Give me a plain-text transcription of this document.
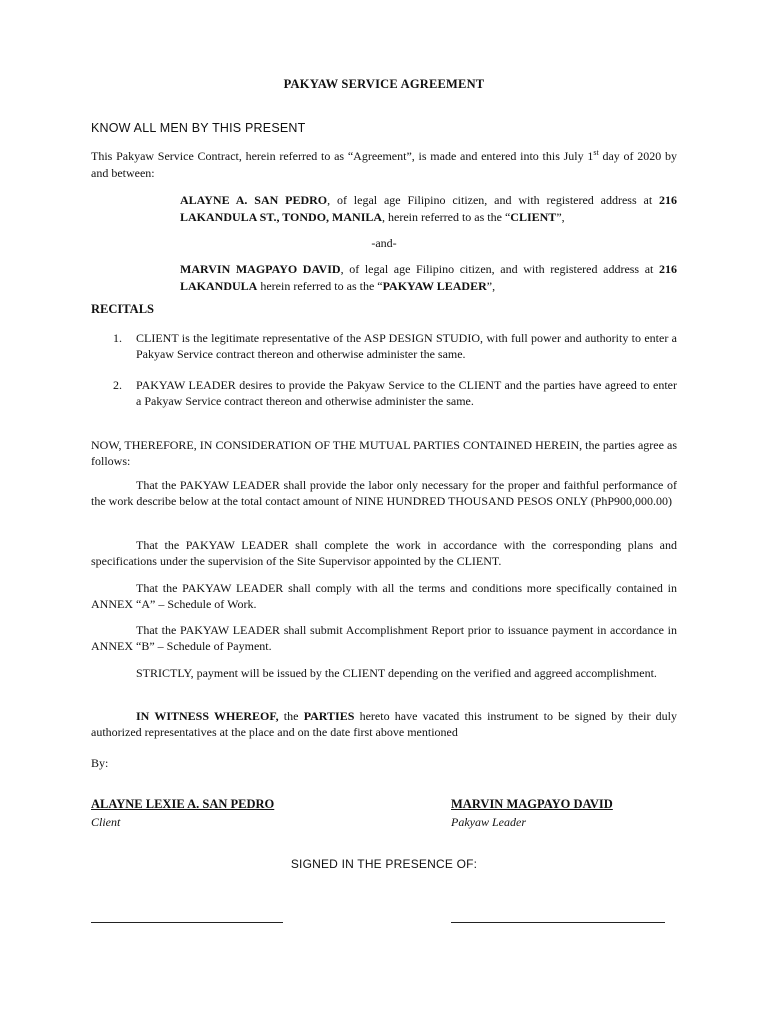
PAKYAW SERVICE AGREEMENT
KNOW ALL MEN BY THIS PRESENT
This Pakyaw Service Contract, herein referred to as “Agreement”, is made and entered into this July 1st day of 2020 by and between:
ALAYNE A. SAN PEDRO, of legal age Filipino citizen, and with registered address at 216 LAKANDULA ST., TONDO, MANILA, herein referred to as the “CLIENT”,
-and-
MARVIN MAGPAYO DAVID, of legal age Filipino citizen, and with registered address at 216 LAKANDULA herein referred to as the “PAKYAW LEADER”,
RECITALS
1. CLIENT is the legitimate representative of the ASP DESIGN STUDIO, with full power and authority to enter a Pakyaw Service contract thereon and otherwise administer the same.
2. PAKYAW LEADER desires to provide the Pakyaw Service to the CLIENT and the parties have agreed to enter a Pakyaw Service contract thereon and otherwise administer the same.
NOW, THEREFORE, IN CONSIDERATION OF THE MUTUAL PARTIES CONTAINED HEREIN, the parties agree as follows:
That the PAKYAW LEADER shall provide the labor only necessary for the proper and faithful performance of the work describe below at the total contact amount of NINE HUNDRED THOUSAND PESOS ONLY (PhP900,000.00)
That the PAKYAW LEADER shall complete the work in accordance with the corresponding plans and specifications under the supervision of the Site Supervisor appointed by the CLIENT.
That the PAKYAW LEADER shall comply with all the terms and conditions more specifically contained in ANNEX “A” – Schedule of Work.
That the PAKYAW LEADER shall submit Accomplishment Report prior to issuance payment in accordance in ANNEX “B” – Schedule of Payment.
STRICTLY, payment will be issued by the CLIENT depending on the verified and aggreed accomplishment.
IN WITNESS WHEREOF, the PARTIES hereto have vacated this instrument to be signed by their duly authorized representatives at the place and on the date first above mentioned
By:
ALAYNE LEXIE A. SAN PEDRO
Client
MARVIN MAGPAYO DAVID
Pakyaw Leader
SIGNED IN THE PRESENCE OF:
